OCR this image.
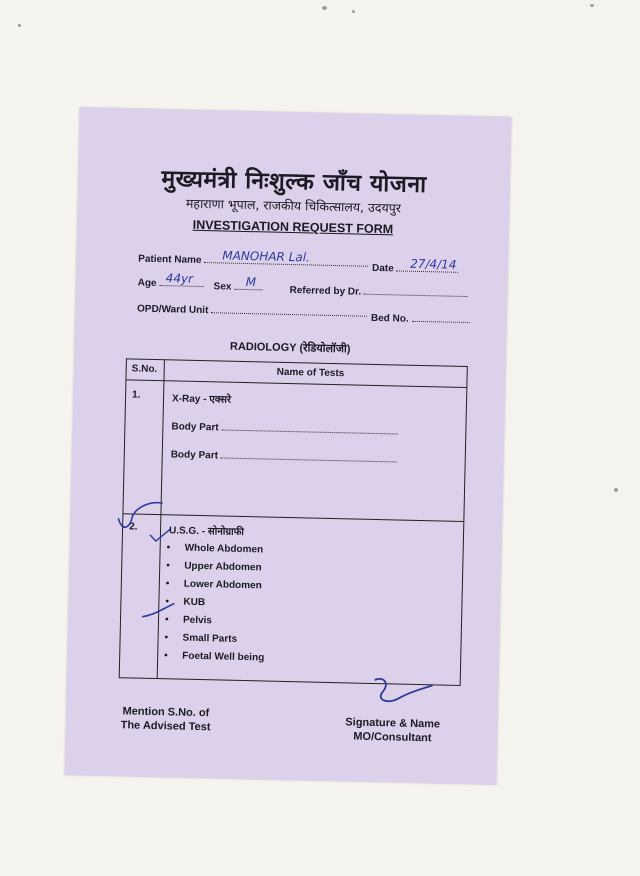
मुख्यमंत्री निःशुल्क जाँच योजना
महाराणा भूपाल, राजकीय चिकित्सालय, उदयपुर
INVESTIGATION REQUEST FORM
Patient Name	MANOHAR Lal.
Date	27/4/14
Age 44yr
Sex	M
Referred by Dr.
OPD/Ward Unit
Bed No.
RADIOLOGY (रेडियोलॉजी)
S.No.	Name of Tests
1.	X-Ray - एक्सरे
Body Part
Body Part
2.	U.S.G. - सोनोग्राफी
• Whole Abdomen
• Upper Abdomen
• Lower Abdomen
• KUB
• Pelvis
• Small Parts
• Foetal Well being
Mention S.No. of
The Advised Test	Signature & Name
MO/Consultant
